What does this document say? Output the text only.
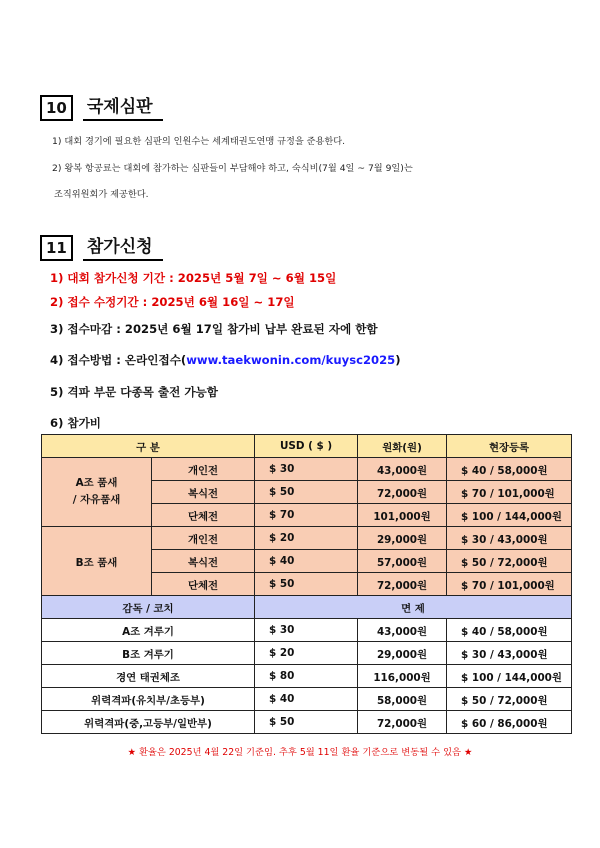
10	국제심판
1) 대회 경기에 필요한 심판의 인원수는 세계태권도연맹 규정을 준용한다.
2) 왕복 항공료는 대회에 참가하는 심판들이 부담해야 하고, 숙식비(7월 4일 ~ 7월 9일)는
조직위원회가 제공한다.
11	참가신청
1) 대회 참가신청 기간 : 2025년 5월 7일 ~ 6월 15일
2) 접수 수정기간 : 2025년 6월 16일 ~ 17일
3) 접수마감 : 2025년 6월 17일 참가비 납부 완료된 자에 한함
4) 접수방법 : 온라인접수(www.taekwonin.com/kuysc2025)
5) 격파 부문 다종목 출전 가능함
6) 참가비
구 분		USD ( $ )	원화(원)	현장등록
A조 품새
/ 자유품새	개인전	$ 30	43,000원	$ 40 / 58,000원
	복식전	$ 50	72,000원	$ 70 / 101,000원
	단체전	$ 70	101,000원	$ 100 / 144,000원
B조 품새	개인전	$ 20	29,000원	$ 30 / 43,000원
	복식전	$ 40	57,000원	$ 50 / 72,000원
	단체전	$ 50	72,000원	$ 70 / 101,000원
감독 / 코치		면 제		
A조 겨루기		$ 30	43,000원	$ 40 / 58,000원
B조 겨루기		$ 20	29,000원	$ 30 / 43,000원
경연 태권체조		$ 80	116,000원	$ 100 / 144,000원
위력격파(유치부/초등부)		$ 40	58,000원	$ 50 / 72,000원
위력격파(중,고등부/일반부)		$ 50	72,000원	$ 60 / 86,000원
★ 환율은 2025년 4월 22일 기준임. 추후 5월 11일 환율 기준으로 변동될 수 있음 ★
